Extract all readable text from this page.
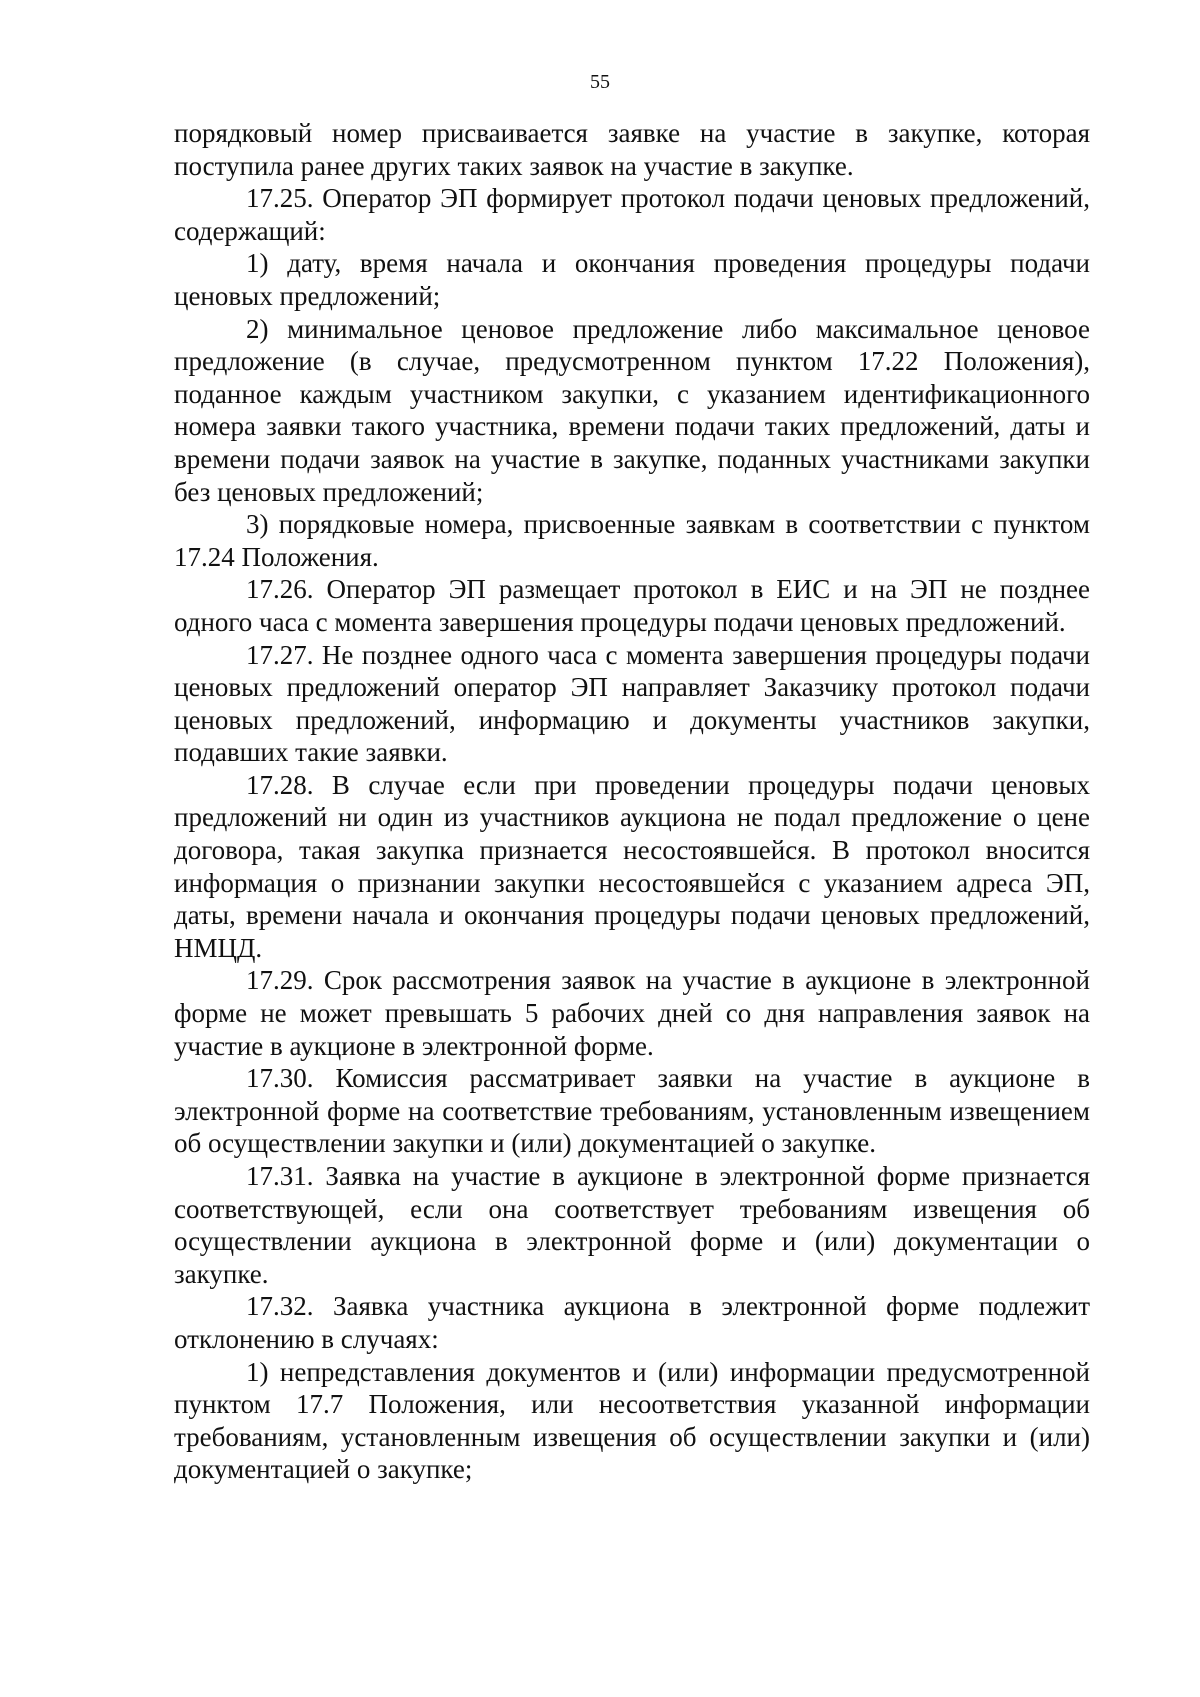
55

порядковый номер присваивается заявке на участие в закупке, которая поступила ранее других таких заявок на участие в закупке.

17.25. Оператор ЭП формирует протокол подачи ценовых предложений, содержащий:

1) дату, время начала и окончания проведения процедуры подачи ценовых предложений;

2) минимальное ценовое предложение либо максимальное ценовое предложение (в случае, предусмотренном пунктом 17.22 Положения), поданное каждым участником закупки, с указанием идентификационного номера заявки такого участника, времени подачи таких предложений, даты и времени подачи заявок на участие в закупке, поданных участниками закупки без ценовых предложений;

3) порядковые номера, присвоенные заявкам в соответствии с пунктом 17.24 Положения.

17.26. Оператор ЭП размещает протокол в ЕИС и на ЭП не позднее одного часа с момента завершения процедуры подачи ценовых предложений.

17.27. Не позднее одного часа с момента завершения процедуры подачи ценовых предложений оператор ЭП направляет Заказчику протокол подачи ценовых предложений, информацию и документы участников закупки, подавших такие заявки.

17.28. В случае если при проведении процедуры подачи ценовых предложений ни один из участников аукциона не подал предложение о цене договора, такая закупка признается несостоявшейся. В протокол вносится информация о признании закупки несостоявшейся с указанием адреса ЭП, даты, времени начала и окончания процедуры подачи ценовых предложений, НМЦД.

17.29. Срок рассмотрения заявок на участие в аукционе в электронной форме не может превышать 5 рабочих дней со дня направления заявок на участие в аукционе в электронной форме.

17.30. Комиссия рассматривает заявки на участие в аукционе в электронной форме на соответствие требованиям, установленным извещением об осуществлении закупки и (или) документацией о закупке.

17.31. Заявка на участие в аукционе в электронной форме признается соответствующей, если она соответствует требованиям извещения об осуществлении аукциона в электронной форме и (или) документации о закупке.

17.32. Заявка участника аукциона в электронной форме подлежит отклонению в случаях:

1) непредставления документов и (или) информации предусмотренной пунктом 17.7 Положения, или несоответствия указанной информации требованиям, установленным извещения об осуществлении закупки и (или) документацией о закупке;
